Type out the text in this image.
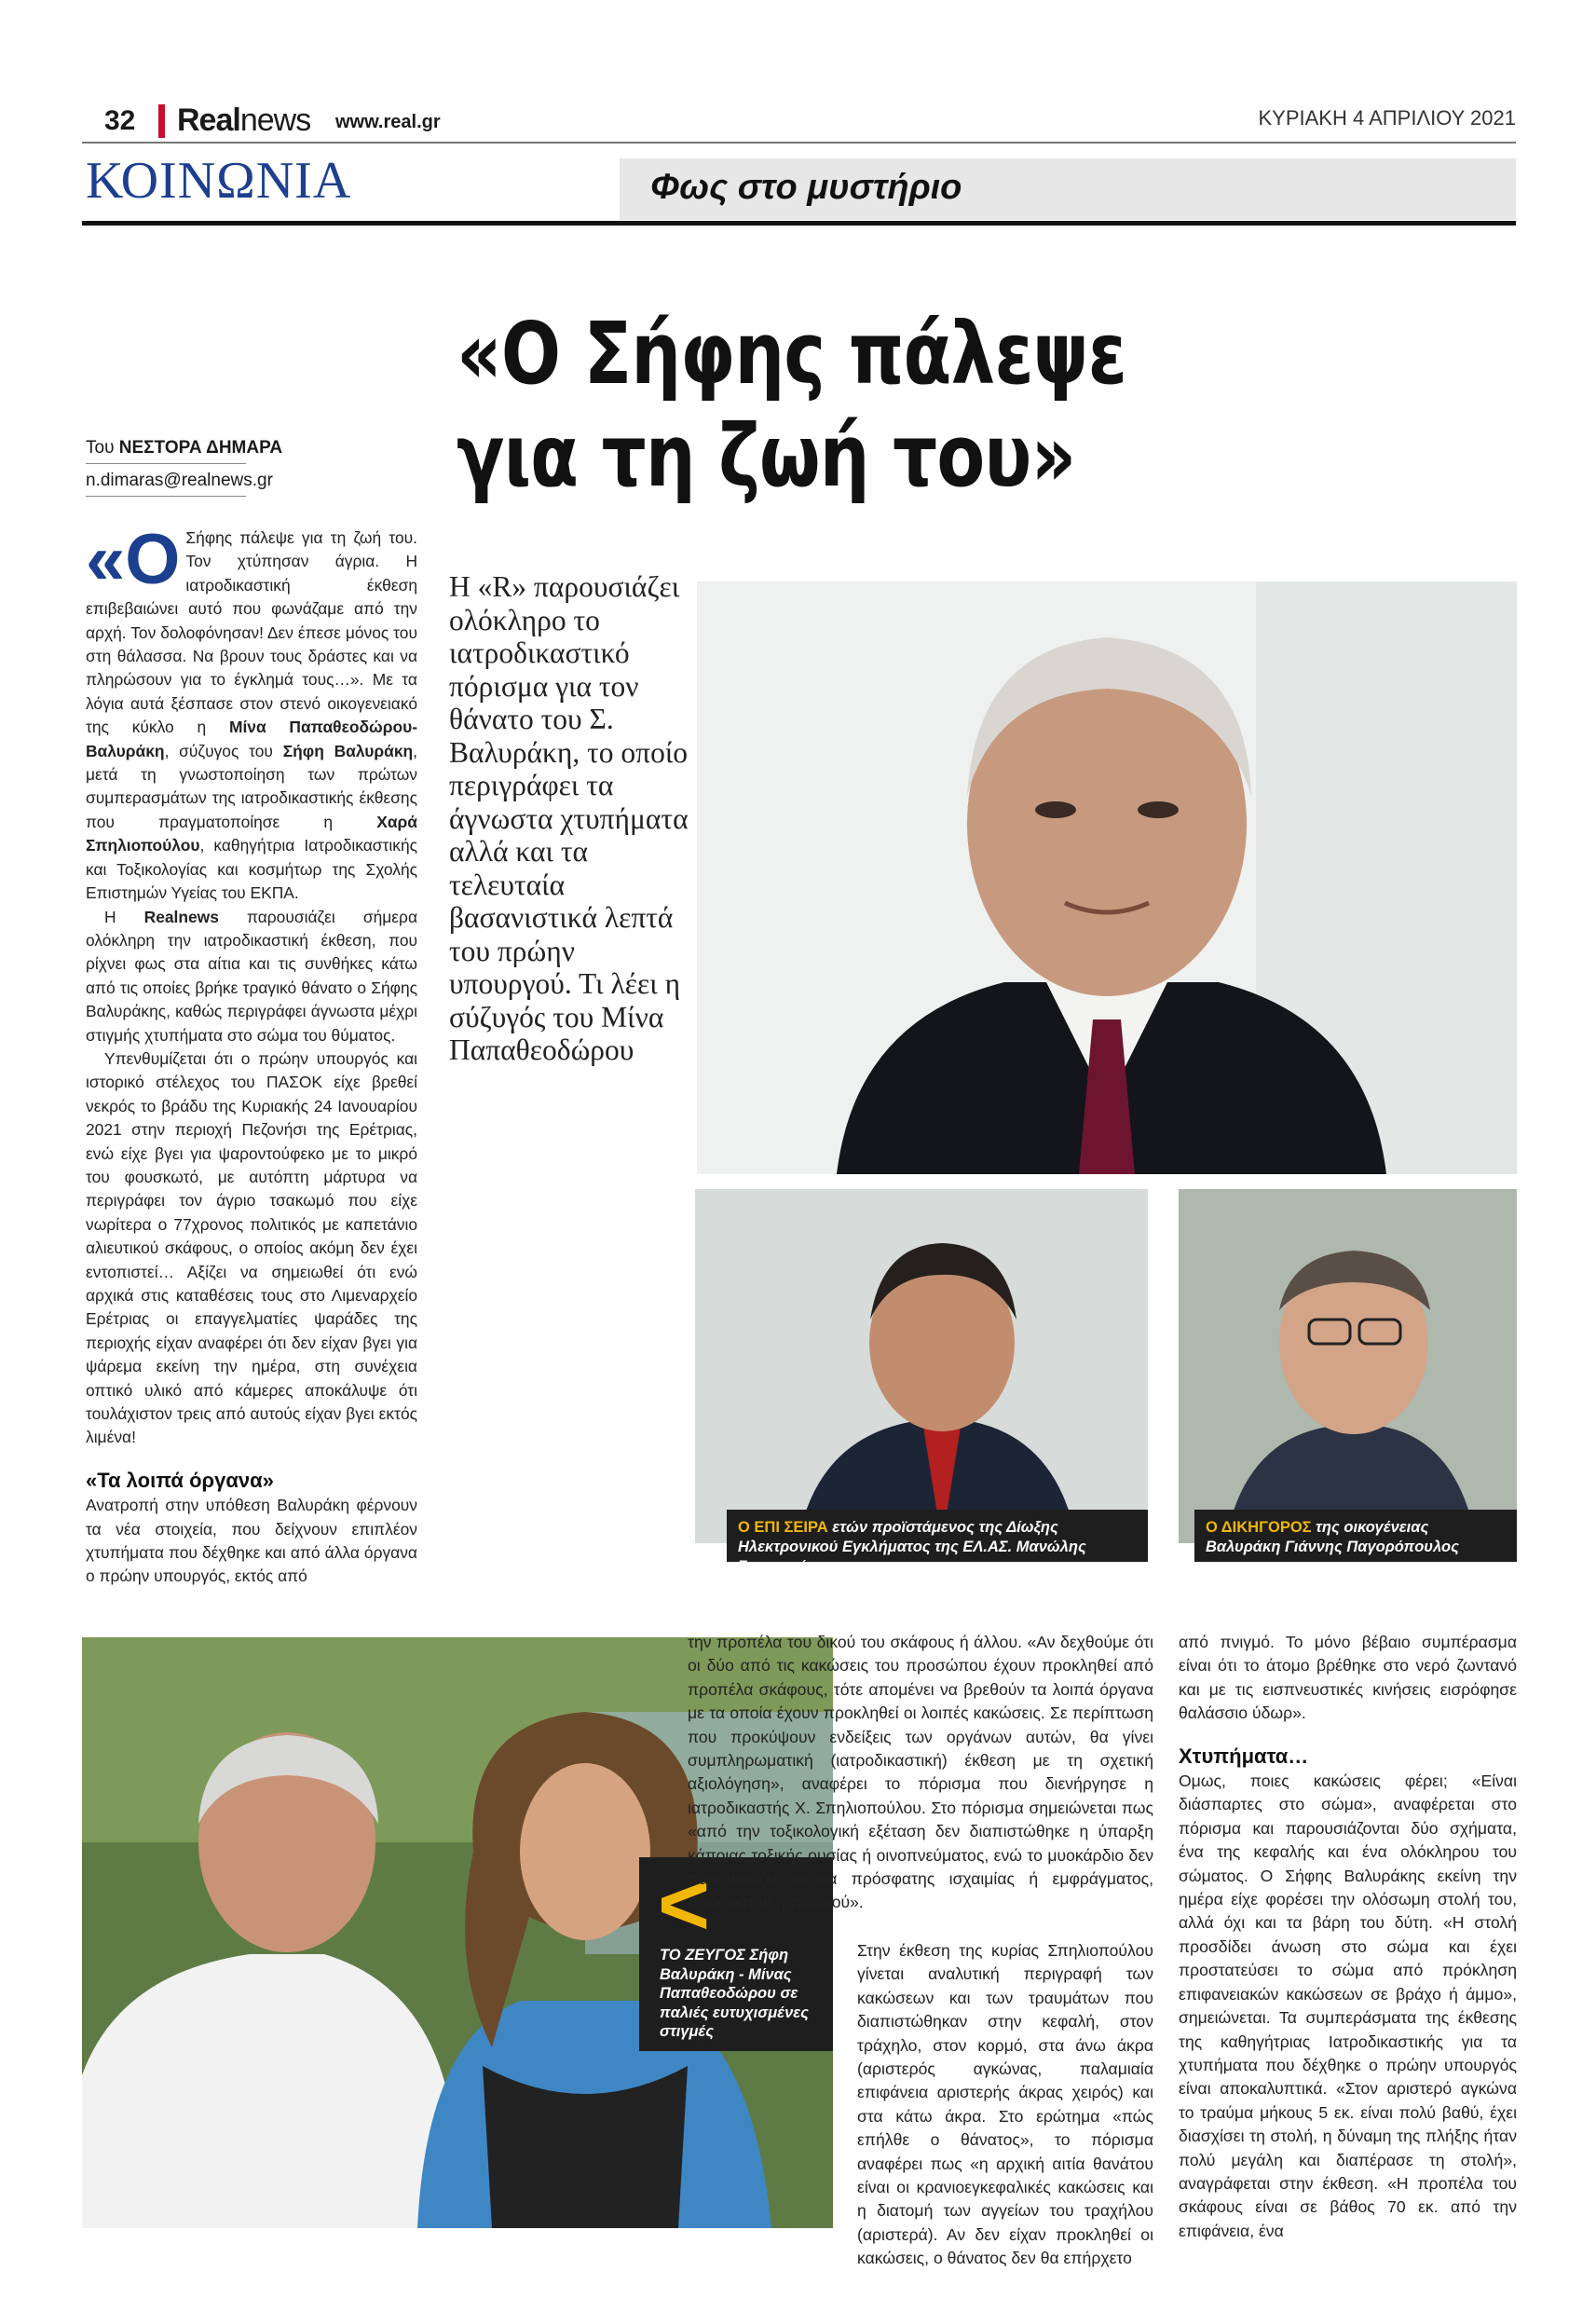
32 Realnews www.real.gr	ΚΥΡΙΑΚΗ 4 ΑΠΡΙΛΙΟΥ 2021
ΚΟΙΝΩΝΙΑ	Φως στο μυστήριο
«Ο Σήφης πάλεψε
για τη ζωή του»
Του ΝΕΣΤΟΡΑ ΔΗΜΑΡΑ
n.dimaras@realnews.gr

«Ο Σήφης πάλεψε για τη ζωή του. Τον χτύπησαν άγρια. Η ιατροδικαστική έκθεση επιβεβαιώνει αυτό που φωνάζαμε από την αρχή. Τον δολοφόνησαν! Δεν έπεσε μόνος του στη θάλασσα. Να βρουν τους δράστες και να πληρώσουν για το έγκλημά τους…». Με τα λόγια αυτά ξέσπασε στον στενό οικογενειακό της κύκλο η Μίνα Παπαθεοδώρου-Βαλυράκη, σύζυγος του Σήφη Βαλυράκη, μετά τη γνωστοποίηση των πρώτων συμπερασμάτων της ιατροδικαστικής έκθεσης που πραγματοποίησε η Χαρά Σπηλιοπούλου, καθηγήτρια Ιατροδικαστικής και Τοξικολογίας και κοσμήτωρ της Σχολής Επιστημών Υγείας του ΕΚΠΑ.

Η Realnews παρουσιάζει σήμερα ολόκληρη την ιατροδικαστική έκθεση, που ρίχνει φως στα αίτια και τις συνθήκες κάτω από τις οποίες βρήκε τραγικό θάνατο ο Σήφης Βαλυράκης, καθώς περιγράφει άγνωστα μέχρι στιγμής χτυπήματα στο σώμα του θύματος.

Υπενθυμίζεται ότι ο πρώην υπουργός και ιστορικό στέλεχος του ΠΑΣΟΚ είχε βρεθεί νεκρός το βράδυ της Κυριακής 24 Ιανουαρίου 2021 στην περιοχή Πεζονήσι της Ερέτριας, ενώ είχε βγει για ψαροντούφεκο με το μικρό του φουσκωτό, με αυτόπτη μάρτυρα να περιγράφει τον άγριο τσακωμό που είχε νωρίτερα ο 77χρονος πολιτικός με καπετάνιο αλιευτικού σκάφους, ο οποίος ακόμη δεν έχει εντοπιστεί… Αξίζει να σημειωθεί ότι ενώ αρχικά στις καταθέσεις τους στο Λιμεναρχείο Ερέτριας οι επαγγελματίες ψαράδες της περιοχής είχαν αναφέρει ότι δεν είχαν βγει για ψάρεμα εκείνη την ημέρα, στη συνέχεια οπτικό υλικό από κάμερες αποκάλυψε ότι τουλάχιστον τρεις από αυτούς είχαν βγει εκτός λιμένα!

«Τα λοιπά όργανα»

Ανατροπή στην υπόθεση Βαλυράκη φέρνουν τα νέα στοιχεία, που δείχνουν επιπλέον χτυπήματα που δέχθηκε και από άλλα όργανα ο πρώην υπουργός, εκτός από

Η «R» παρουσιάζει ολόκληρο το ιατροδικαστικό πόρισμα για τον θάνατο του Σ. Βαλυράκη, το οποίο περιγράφει τα άγνωστα χτυπήματα αλλά και τα τελευταία βασανιστικά λεπτά του πρώην υπουργού. Τι λέει η σύζυγός του Μίνα Παπαθεοδώρου
Ο ΕΠΙ ΣΕΙΡΑ ετών προϊστάμενος της Δίωξης Ηλεκτρονικού Εγκλήματος της ΕΛ.ΑΣ. Μανώλης Σφακιανάκης
Ο ΔΙΚΗΓΟΡΟΣ της οικογένειας Βαλυράκη Γιάννης Παγορόπουλος
<
ΤΟ ΖΕΥΓΟΣ Σήφη Βαλυράκη - Μίνας Παπαθεοδώρου σε παλιές ευτυχισμένες στιγμές

την προπέλα του δικού του σκάφους ή άλλου. «Αν δεχθούμε ότι οι δύο από τις κακώσεις του προσώπου έχουν προκληθεί από προπέλα σκάφους, τότε απομένει να βρεθούν τα λοιπά όργανα με τα οποία έχουν προκληθεί οι λοιπές κακώσεις. Σε περίπτωση που προκύψουν ενδείξεις των οργάνων αυτών, θα γίνει συμπληρωματική (ιατροδικαστική) έκθεση με τη σχετική αξιολόγηση», αναφέρει το πόρισμα που διενήργησε η ιατροδικαστής Χ. Σπηλιοπούλου. Στο πόρισμα σημειώνεται πως «από την τοξικολογική εξέταση δεν διαπιστώθηκε η ύπαρξη κάποιας τοξικής ουσίας ή οινοπνεύματος, ενώ το μυοκάρδιο δεν παρουσιάζει εικόνα πρόσφατης ισχαιμίας ή εμφράγματος, πρόσφατου ή παλαιού».

Στην έκθεση της κυρίας Σπηλιοπούλου γίνεται αναλυτική περιγραφή των κακώσεων και των τραυμάτων που διαπιστώθηκαν στην κεφαλή, στον τράχηλο, στον κορμό, στα άνω άκρα (αριστερός αγκώνας, παλαμιαία επιφάνεια αριστερής άκρας χειρός) και στα κάτω άκρα. Στο ερώτημα «πώς επήλθε ο θάνατος», το πόρισμα αναφέρει πως «η αρχική αιτία θανάτου είναι οι κρανιοεγκεφαλικές κακώσεις και η διατομή των αγγείων του τραχήλου (αριστερά). Αν δεν είχαν προκληθεί οι κακώσεις, ο θάνατος δεν θα επήρχετο

από πνιγμό. Το μόνο βέβαιο συμπέρασμα είναι ότι το άτομο βρέθηκε στο νερό ζωντανό και με τις εισπνευστικές κινήσεις εισρόφησε θαλάσσιο ύδωρ».

Χτυπήματα…

Ομως, ποιες κακώσεις φέρει; «Είναι διάσπαρτες στο σώμα», αναφέρεται στο πόρισμα και παρουσιάζονται δύο σχήματα, ένα της κεφαλής και ένα ολόκληρου του σώματος. Ο Σήφης Βαλυράκης εκείνη την ημέρα είχε φορέσει την ολόσωμη στολή του, αλλά όχι και τα βάρη του δύτη. «Η στολή προσδίδει άνωση στο σώμα και έχει προστατεύσει το σώμα από πρόκληση επιφανειακών κακώσεων σε βράχο ή άμμο», σημειώνεται. Τα συμπεράσματα της έκθεσης της καθηγήτριας Ιατροδικαστικής για τα χτυπήματα που δέχθηκε ο πρώην υπουργός είναι αποκαλυπτικά. «Στον αριστερό αγκώνα το τραύμα μήκους 5 εκ. είναι πολύ βαθύ, έχει διασχίσει τη στολή, η δύναμη της πλήξης ήταν πολύ μεγάλη και διαπέρασε τη στολή», αναγράφεται στην έκθεση. «Η προπέλα του σκάφους είναι σε βάθος 70 εκ. από την επιφάνεια, ένα
